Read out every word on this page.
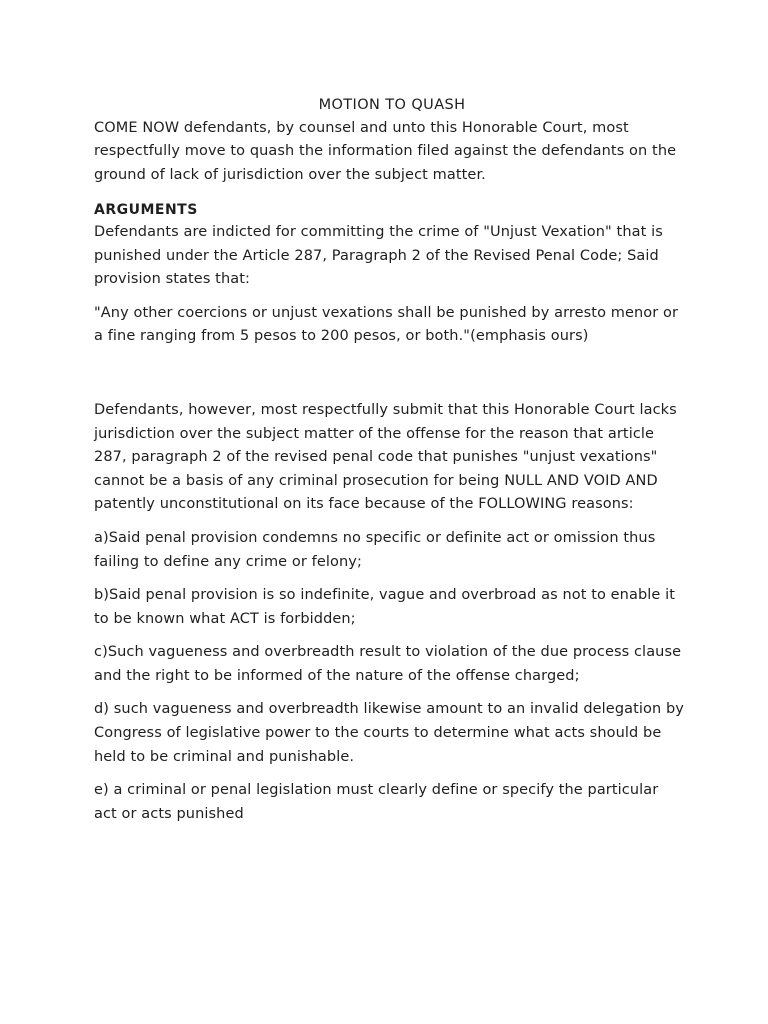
MOTION TO QUASH

COME NOW defendants, by counsel and unto this Honorable Court, most respectfully move to quash the information filed against the defendants on the ground of lack of jurisdiction over the subject matter.

ARGUMENTS

Defendants are indicted for committing the crime of "Unjust Vexation" that is punished under the Article 287, Paragraph 2 of the Revised Penal Code; Said provision states that:

"Any other coercions or unjust vexations shall be punished by arresto menor or a fine ranging from 5 pesos to 200 pesos, or both."(emphasis ours)

Defendants, however, most respectfully submit that this Honorable Court lacks jurisdiction over the subject matter of the offense for the reason that article 287, paragraph 2 of the revised penal code that punishes "unjust vexations" cannot be a basis of any criminal prosecution for being NULL AND VOID AND patently unconstitutional on its face because of the FOLLOWING reasons:

a)Said penal provision condemns no specific or definite act or omission thus failing to define any crime or felony;

b)Said penal provision is so indefinite, vague and overbroad as not to enable it to be known what ACT is forbidden;

c)Such vagueness and overbreadth result to violation of the due process clause and the right to be informed of the nature of the offense charged;

d) such vagueness and overbreadth likewise amount to an invalid delegation by Congress of legislative power to the courts to determine what acts should be held to be criminal and punishable.

e) a criminal or penal legislation must clearly define or specify the particular act or acts punished
